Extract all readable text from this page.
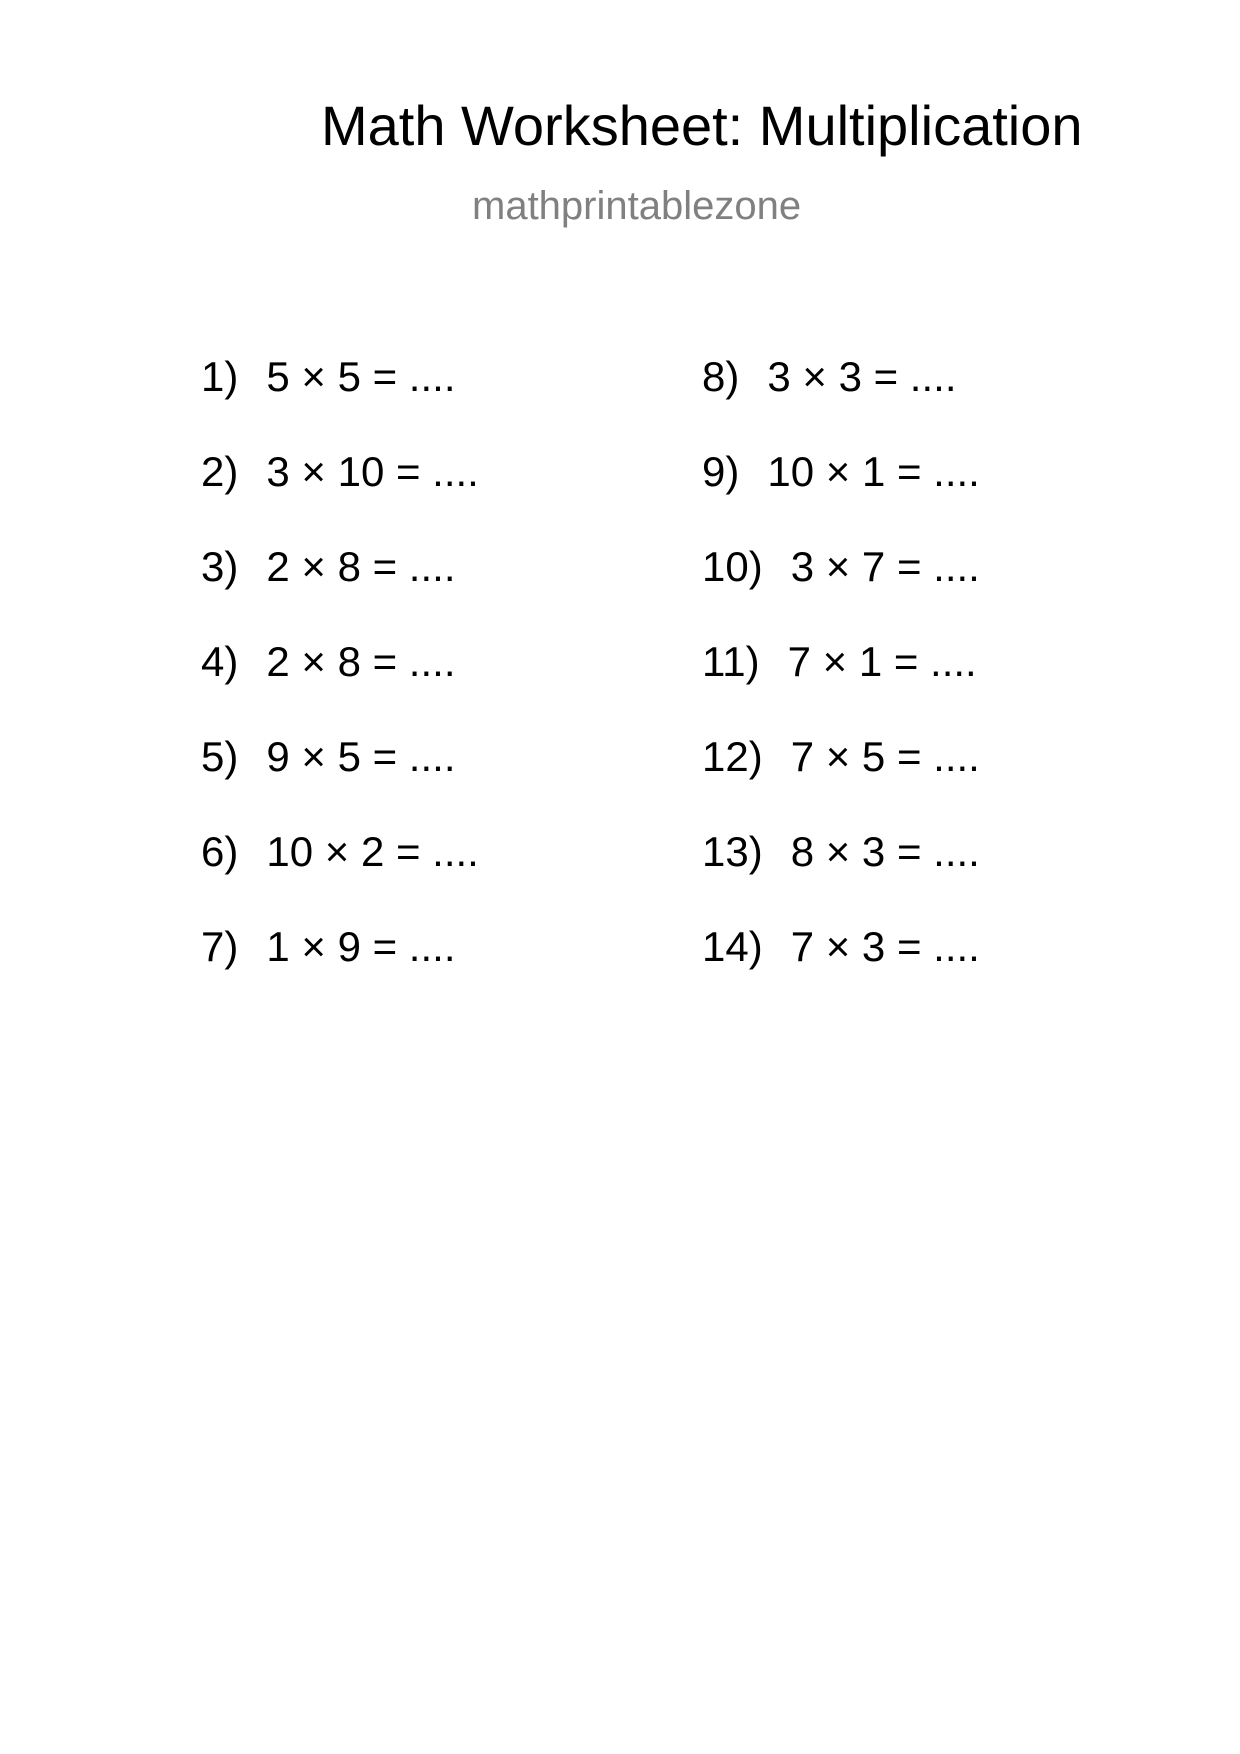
Math Worksheet: Multiplication
mathprintablezone
1) 5 × 5 = ....
2) 3 × 10 = ....
3) 2 × 8 = ....
4) 2 × 8 = ....
5) 9 × 5 = ....
6) 10 × 2 = ....
7) 1 × 9 = ....
8) 3 × 3 = ....
9) 10 × 1 = ....
10) 3 × 7 = ....
11) 7 × 1 = ....
12) 7 × 5 = ....
13) 8 × 3 = ....
14) 7 × 3 = ....
